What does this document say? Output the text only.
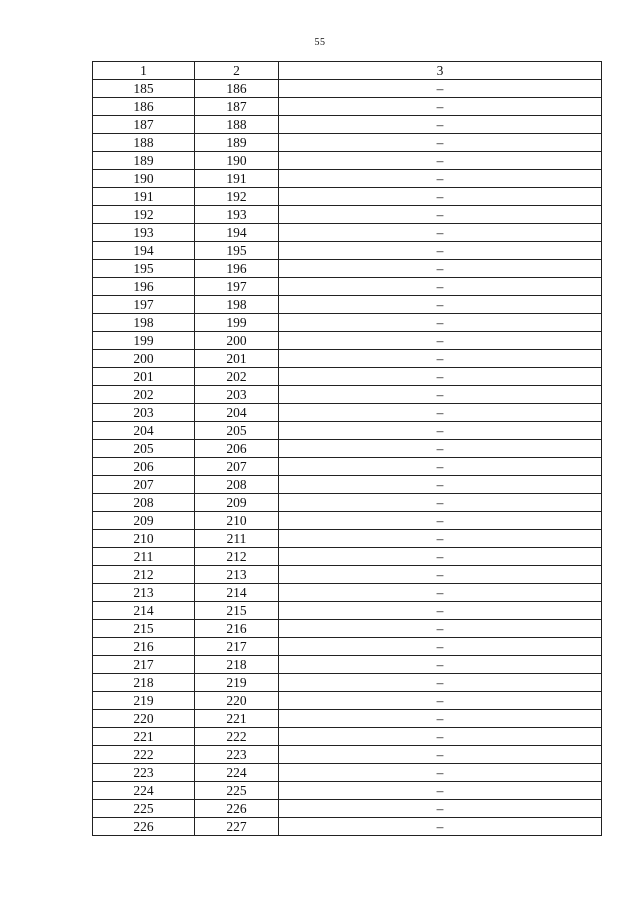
55
1	2	3
185	186	–
186	187	–
187	188	–
188	189	–
189	190	–
190	191	–
191	192	–
192	193	–
193	194	–
194	195	–
195	196	–
196	197	–
197	198	–
198	199	–
199	200	–
200	201	–
201	202	–
202	203	–
203	204	–
204	205	–
205	206	–
206	207	–
207	208	–
208	209	–
209	210	–
210	211	–
211	212	–
212	213	–
213	214	–
214	215	–
215	216	–
216	217	–
217	218	–
218	219	–
219	220	–
220	221	–
221	222	–
222	223	–
223	224	–
224	225	–
225	226	–
226	227	–
